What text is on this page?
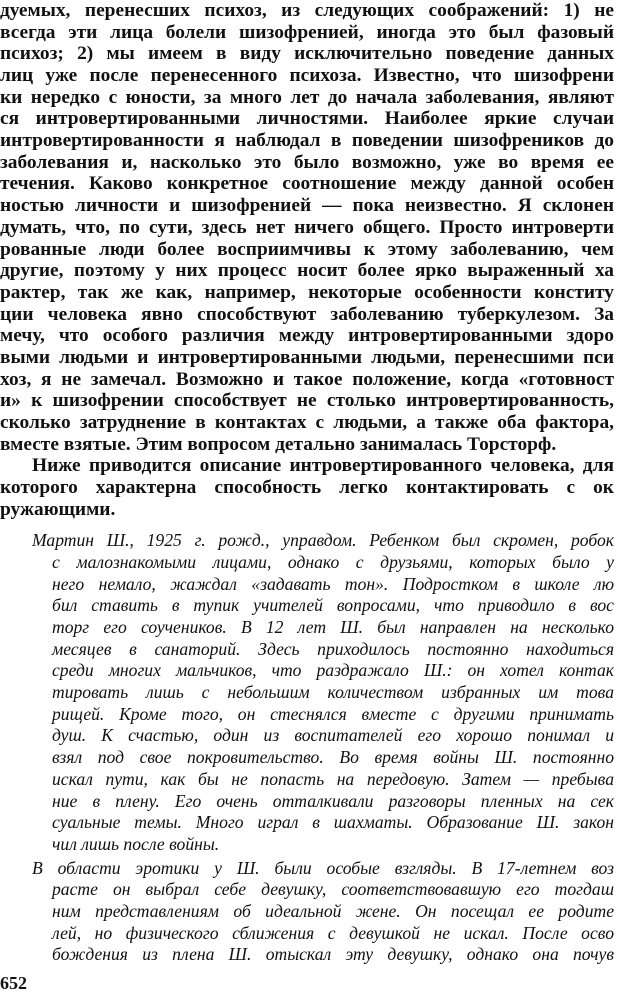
дуемых, перенесших психоз, из следующих соображений: 1) не
всегда эти лица болели шизофренией, иногда это был фазовый
психоз; 2) мы имеем в виду исключительно поведение данных
лиц уже после перенесенного психоза. Известно, что шизофрени
ки нередко с юности, за много лет до начала заболевания, являют
ся интровертированными личностями. Наиболее яркие случаи
интровертированности я наблюдал в поведении шизофреников до
заболевания и, насколько это было возможно, уже во время ее
течения. Каково конкретное соотношение между данной особен
ностью личности и шизофренией — пока неизвестно. Я склонен
думать, что, по сути, здесь нет ничего общего. Просто интроверти
рованные люди более восприимчивы к этому заболеванию, чем
другие, поэтому у них процесс носит более ярко выраженный ха
рактер, так же как, например, некоторые особенности конститу
ции человека явно способствуют заболеванию туберкулезом. За
мечу, что особого различия между интровертированными здоро
выми людьми и интровертированными людьми, перенесшими пси
хоз, я не замечал. Возможно и такое положение, когда «готовност
и» к шизофрении способствует не столько интровертированность,
сколько затруднение в контактах с людьми, а также оба фактора,
вместе взятые. Этим вопросом детально занималась Торсторф.
Ниже приводится описание интровертированного человека, для
которого характерна способность легко контактировать с ок
ружающими.
Мартин Ш., 1925 г. рожд., управдом. Ребенком был скромен, робок
с малознакомыми лицами, однако с друзьями, которых было у
него немало, жаждал «задавать тон». Подростком в школе лю
бил ставить в тупик учителей вопросами, что приводило в вос
торг его соучеников. В 12 лет Ш. был направлен на несколько
месяцев в санаторий. Здесь приходилось постоянно находиться
среди многих мальчиков, что раздражало Ш.: он хотел контак
тировать лишь с небольшим количеством избранных им това
рищей. Кроме того, он стеснялся вместе с другими принимать
душ. К счастью, один из воспитателей его хорошо понимал и
взял под свое покровительство. Во время войны Ш. постоянно
искал пути, как бы не попасть на передовую. Затем — пребыва
ние в плену. Его очень отталкивали разговоры пленных на сек
суальные темы. Много играл в шахматы. Образование Ш. закон
чил лишь после войны.
В области эротики у Ш. были особые взгляды. В 17-летнем воз
расте он выбрал себе девушку, соответствовавшую его тогдаш
ним представлениям об идеальной жене. Он посещал ее родите
лей, но физического сближения с девушкой не искал. После осво
бождения из плена Ш. отыскал эту девушку, однако она почув
652
